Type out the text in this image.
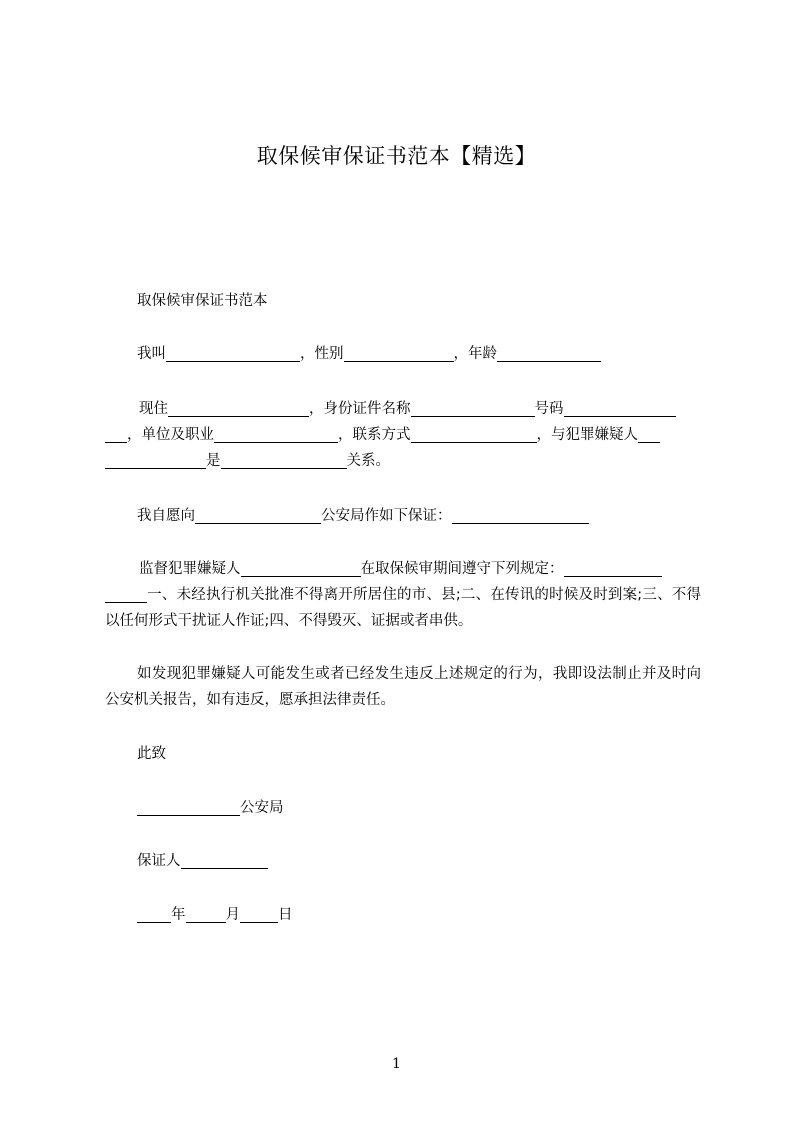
取保候审保证书范本【精选】
取保候审保证书范本
我叫	，性别	，年龄
现住	，身份证件名称	号码
，单位及职业	，联系方式	，与犯罪嫌疑人
是	关系。
我自愿向	公安局作如下保证：
监督犯罪嫌疑人	在取保候审期间遵守下列规定：
一、未经执行机关批准不得离开所居住的市、县;二、在传讯的时候及时到案;三、不得以任何形式干扰证人作证;四、不得毁灭、证据或者串供。
如发现犯罪嫌疑人可能发生或者已经发生违反上述规定的行为，我即设法制止并及时向公安机关报告，如有违反，愿承担法律责任。
此致
公安局
保证人
年	月	日
1
